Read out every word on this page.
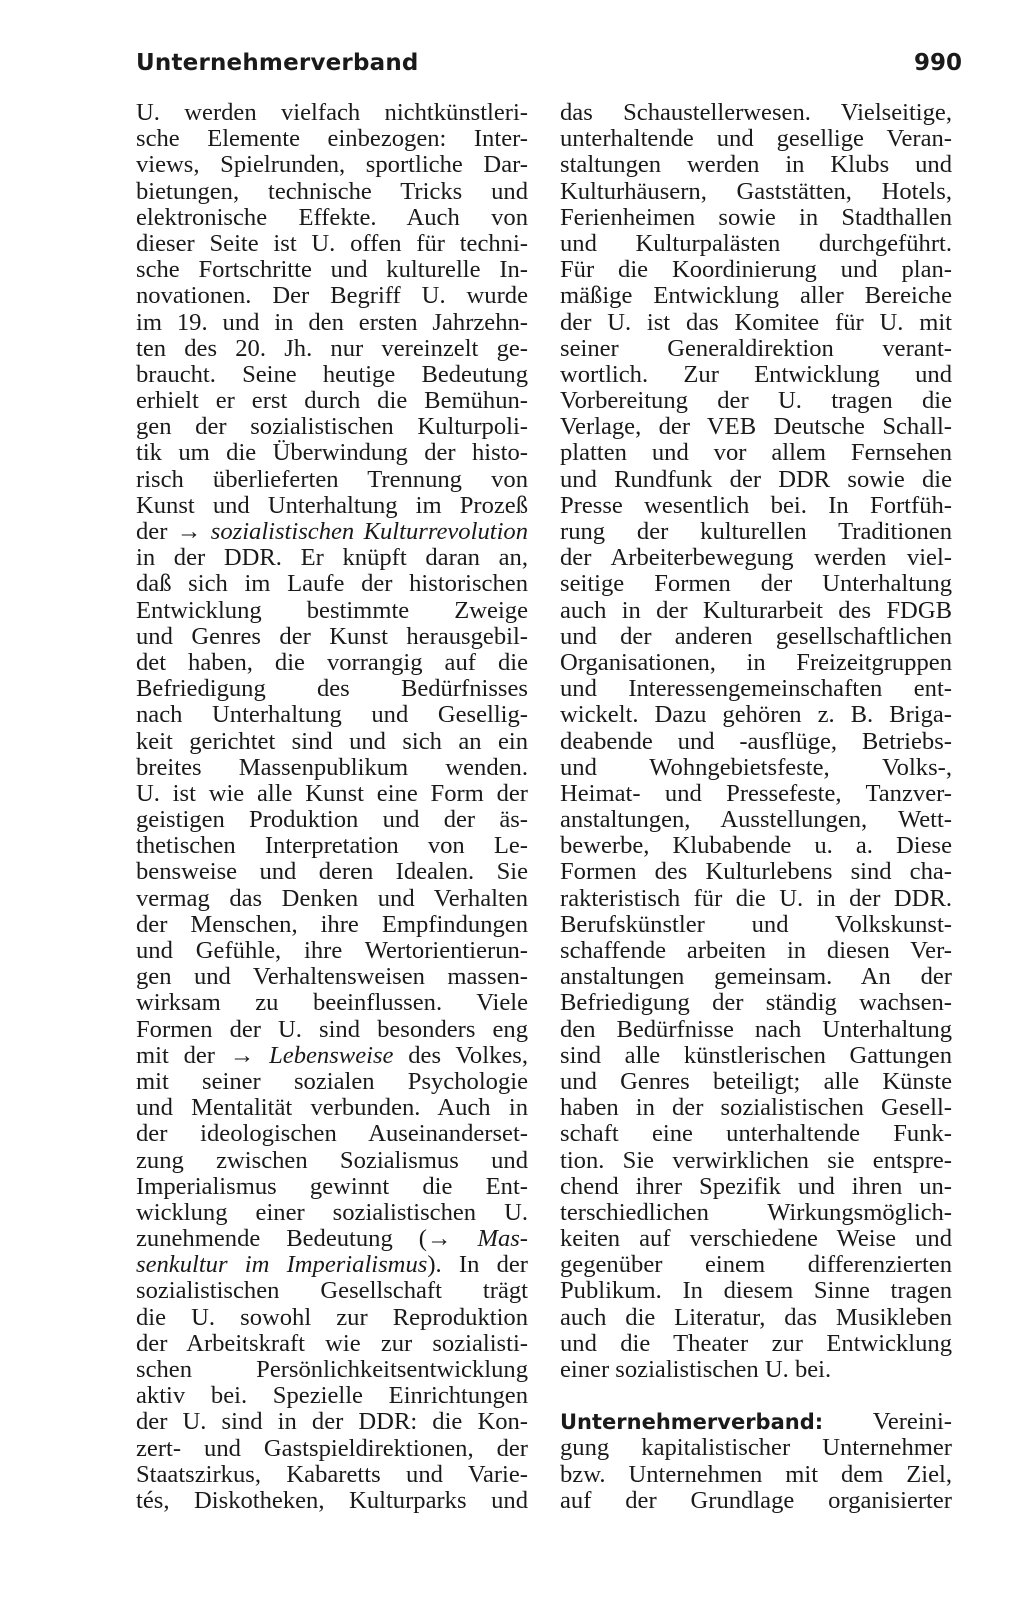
Unternehmerverband	990
U. werden vielfach nichtkünstleri-
sche Elemente einbezogen: Inter-
views, Spielrunden, sportliche Dar-
bietungen, technische Tricks und
elektronische Effekte. Auch von
dieser Seite ist U. offen für techni-
sche Fortschritte und kulturelle In-
novationen. Der Begriff U. wurde
im 19. und in den ersten Jahrzehn-
ten des 20. Jh. nur vereinzelt ge-
braucht. Seine heutige Bedeutung
erhielt er erst durch die Bemühun-
gen der sozialistischen Kulturpoli-
tik um die Überwindung der histo-
risch überlieferten Trennung von
Kunst und Unterhaltung im Prozeß
der → sozialistischen Kulturrevolution
in der DDR. Er knüpft daran an,
daß sich im Laufe der historischen
Entwicklung bestimmte Zweige
und Genres der Kunst herausgebil-
det haben, die vorrangig auf die
Befriedigung des Bedürfnisses
nach Unterhaltung und Gesellig-
keit gerichtet sind und sich an ein
breites Massenpublikum wenden.
U. ist wie alle Kunst eine Form der
geistigen Produktion und der äs-
thetischen Interpretation von Le-
bensweise und deren Idealen. Sie
vermag das Denken und Verhalten
der Menschen, ihre Empfindungen
und Gefühle, ihre Wertorientierun-
gen und Verhaltensweisen massen-
wirksam zu beeinflussen. Viele
Formen der U. sind besonders eng
mit der → Lebensweise des Volkes,
mit seiner sozialen Psychologie
und Mentalität verbunden. Auch in
der ideologischen Auseinanderset-
zung zwischen Sozialismus und
Imperialismus gewinnt die Ent-
wicklung einer sozialistischen U.
zunehmende Bedeutung (→ Mas-
senkultur im Imperialismus). In der
sozialistischen Gesellschaft trägt
die U. sowohl zur Reproduktion
der Arbeitskraft wie zur sozialisti-
schen Persönlichkeitsentwicklung
aktiv bei. Spezielle Einrichtungen
der U. sind in der DDR: die Kon-
zert- und Gastspieldirektionen, der
Staatszirkus, Kabaretts und Varie-
tés, Diskotheken, Kulturparks und
das Schaustellerwesen. Vielseitige,
unterhaltende und gesellige Veran-
staltungen werden in Klubs und
Kulturhäusern, Gaststätten, Hotels,
Ferienheimen sowie in Stadthallen
und Kulturpalästen durchgeführt.
Für die Koordinierung und plan-
mäßige Entwicklung aller Bereiche
der U. ist das Komitee für U. mit
seiner Generaldirektion verant-
wortlich. Zur Entwicklung und
Vorbereitung der U. tragen die
Verlage, der VEB Deutsche Schall-
platten und vor allem Fernsehen
und Rundfunk der DDR sowie die
Presse wesentlich bei. In Fortfüh-
rung der kulturellen Traditionen
der Arbeiterbewegung werden viel-
seitige Formen der Unterhaltung
auch in der Kulturarbeit des FDGB
und der anderen gesellschaftlichen
Organisationen, in Freizeitgruppen
und Interessengemeinschaften ent-
wickelt. Dazu gehören z. B. Briga-
deabende und -ausflüge, Betriebs-
und Wohngebietsfeste, Volks-,
Heimat- und Pressefeste, Tanzver-
anstaltungen, Ausstellungen, Wett-
bewerbe, Klubabende u. a. Diese
Formen des Kulturlebens sind cha-
rakteristisch für die U. in der DDR.
Berufskünstler und Volkskunst-
schaffende arbeiten in diesen Ver-
anstaltungen gemeinsam. An der
Befriedigung der ständig wachsen-
den Bedürfnisse nach Unterhaltung
sind alle künstlerischen Gattungen
und Genres beteiligt; alle Künste
haben in der sozialistischen Gesell-
schaft eine unterhaltende Funk-
tion. Sie verwirklichen sie entspre-
chend ihrer Spezifik und ihren un-
terschiedlichen Wirkungsmöglich-
keiten auf verschiedene Weise und
gegenüber einem differenzierten
Publikum. In diesem Sinne tragen
auch die Literatur, das Musikleben
und die Theater zur Entwicklung
einer sozialistischen U. bei.
Unternehmerverband: Vereini-
gung kapitalistischer Unternehmer
bzw. Unternehmen mit dem Ziel,
auf der Grundlage organisierter
